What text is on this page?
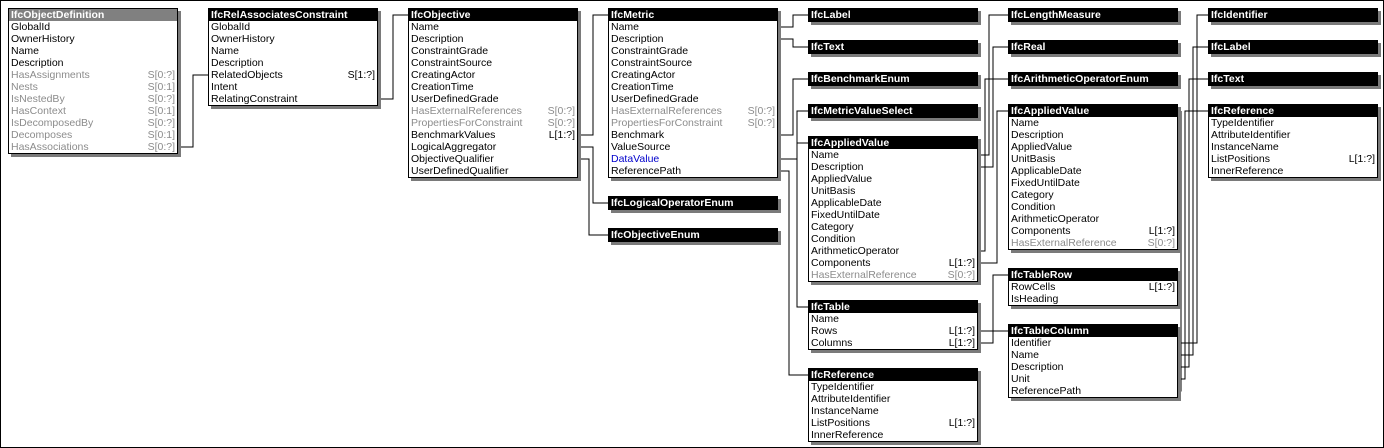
IfcObjectDefinition
GlobalId
OwnerHistory
Name
Description
HasAssignments	S[0:?]
Nests	S[0:1]
IsNestedBy	S[0:?]
HasContext	S[0:1]
IsDecomposedBy	S[0:?]
Decomposes	S[0:1]
HasAssociations	S[0:?]
IfcRelAssociatesConstraint
GlobalId
OwnerHistory
Name
Description
RelatedObjects	S[1:?]
Intent
RelatingConstraint
IfcObjective
Name
Description
ConstraintGrade
ConstraintSource
CreatingActor
CreationTime
UserDefinedGrade
HasExternalReferences S[0:?]
PropertiesForConstraint S[0:?]
BenchmarkValues	L[1:?]
LogicalAggregator
ObjectiveQualifier
UserDefinedQualifier
IfcMetric
Name
Description
ConstraintGrade
ConstraintSource
CreatingActor
CreationTime
UserDefinedGrade
HasExternalReferences S[0:?]
PropertiesForConstraint S[0:?]
Benchmark
ValueSource
DataValue
ReferencePath
IfcLogicalOperatorEnum
IfcObjectiveEnum
IfcLabel
IfcText
IfcBenchmarkEnum
IfcMetricValueSelect
IfcAppliedValue
Name
Description
AppliedValue
UnitBasis
ApplicableDate
FixedUntilDate
Category
Condition
ArithmeticOperator
Components	L[1:?]
HasExternalReference	S[0:?]
IfcTable
Name
Rows	L[1:?]
Columns	L[1:?]
IfcReference
TypeIdentifier
AttributeIdentifier
InstanceName
ListPositions	L[1:?]
InnerReference
IfcLengthMeasure
IfcReal
IfcArithmeticOperatorEnum
IfcAppliedValue
Name
Description
AppliedValue
UnitBasis
ApplicableDate
FixedUntilDate
Category
Condition
ArithmeticOperator
Components	L[1:?]
HasExternalReference	S[0:?]
IfcTableRow
RowCells	L[1:?]
IsHeading
IfcTableColumn
Identifier
Name
Description
Unit
ReferencePath
IfcIdentifier
IfcLabel
IfcText
IfcReference
TypeIdentifier
AttributeIdentifier
InstanceName
ListPositions	L[1:?]
InnerReference
